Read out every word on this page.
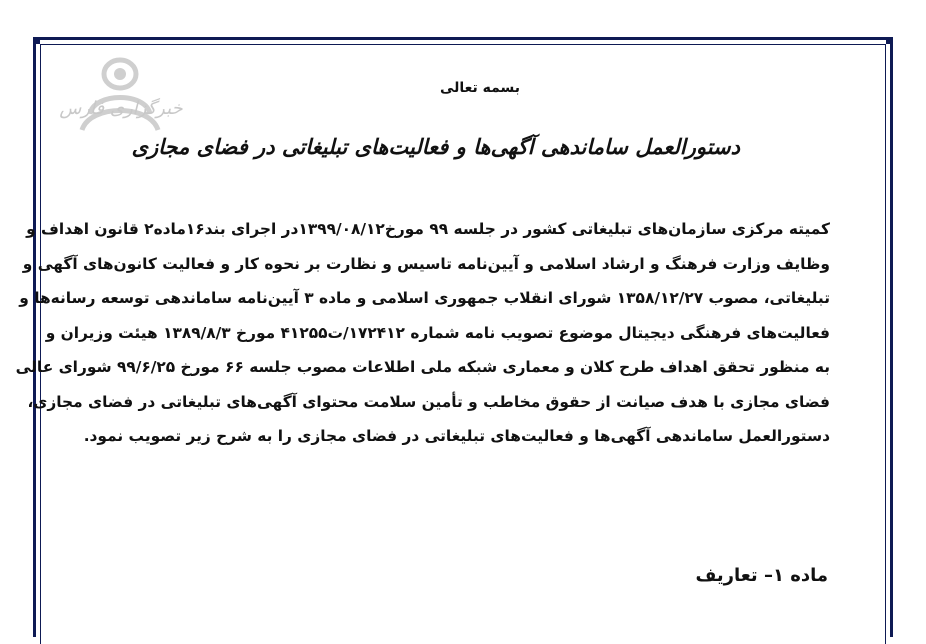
خبرگزاری فارس
بسمه تعالی
دستورالعمل ساماندهی آگهی‌ها و فعالیت‌های تبلیغاتی در فضای مجازی
کمیته مرکزی سازمان‌های تبلیغاتی کشور در جلسه ۹۹ مورخ۱۳۹۹/۰۸/۱۲در اجرای بند۱۶ماده۲ قانون اهداف و
وظایف وزارت فرهنگ و ارشاد اسلامی و آیین‌نامه تاسیس و نظارت بر نحوه کار و فعالیت کانون‌های آگهی و
تبلیغاتی، مصوب ۱۳۵۸/۱۲/۲۷ شورای انقلاب جمهوری اسلامی و ماده ۳ آیین‌نامه ساماندهی توسعه رسانه‌ها و
فعالیت‌های فرهنگی دیجیتال موضوع تصویب نامه شماره ۱۷۲۴۱۲/ت۴۱۲۵۵ مورخ ۱۳۸۹/۸/۳ هیئت وزیران و
به منظور تحقق اهداف طرح کلان و معماری شبکه ملی اطلاعات مصوب جلسه ۶۶ مورخ ۹۹/۶/۲۵ شورای عالی
فضای مجازی با هدف صیانت از حقوق مخاطب و تأمین سلامت محتوای آگهی‌های تبلیغاتی در فضای مجازی،
دستورالعمل ساماندهی آگهی‌ها و فعالیت‌های تبلیغاتی در فضای مجازی را به شرح زیر تصویب نمود.
ماده ۱– تعاریف
